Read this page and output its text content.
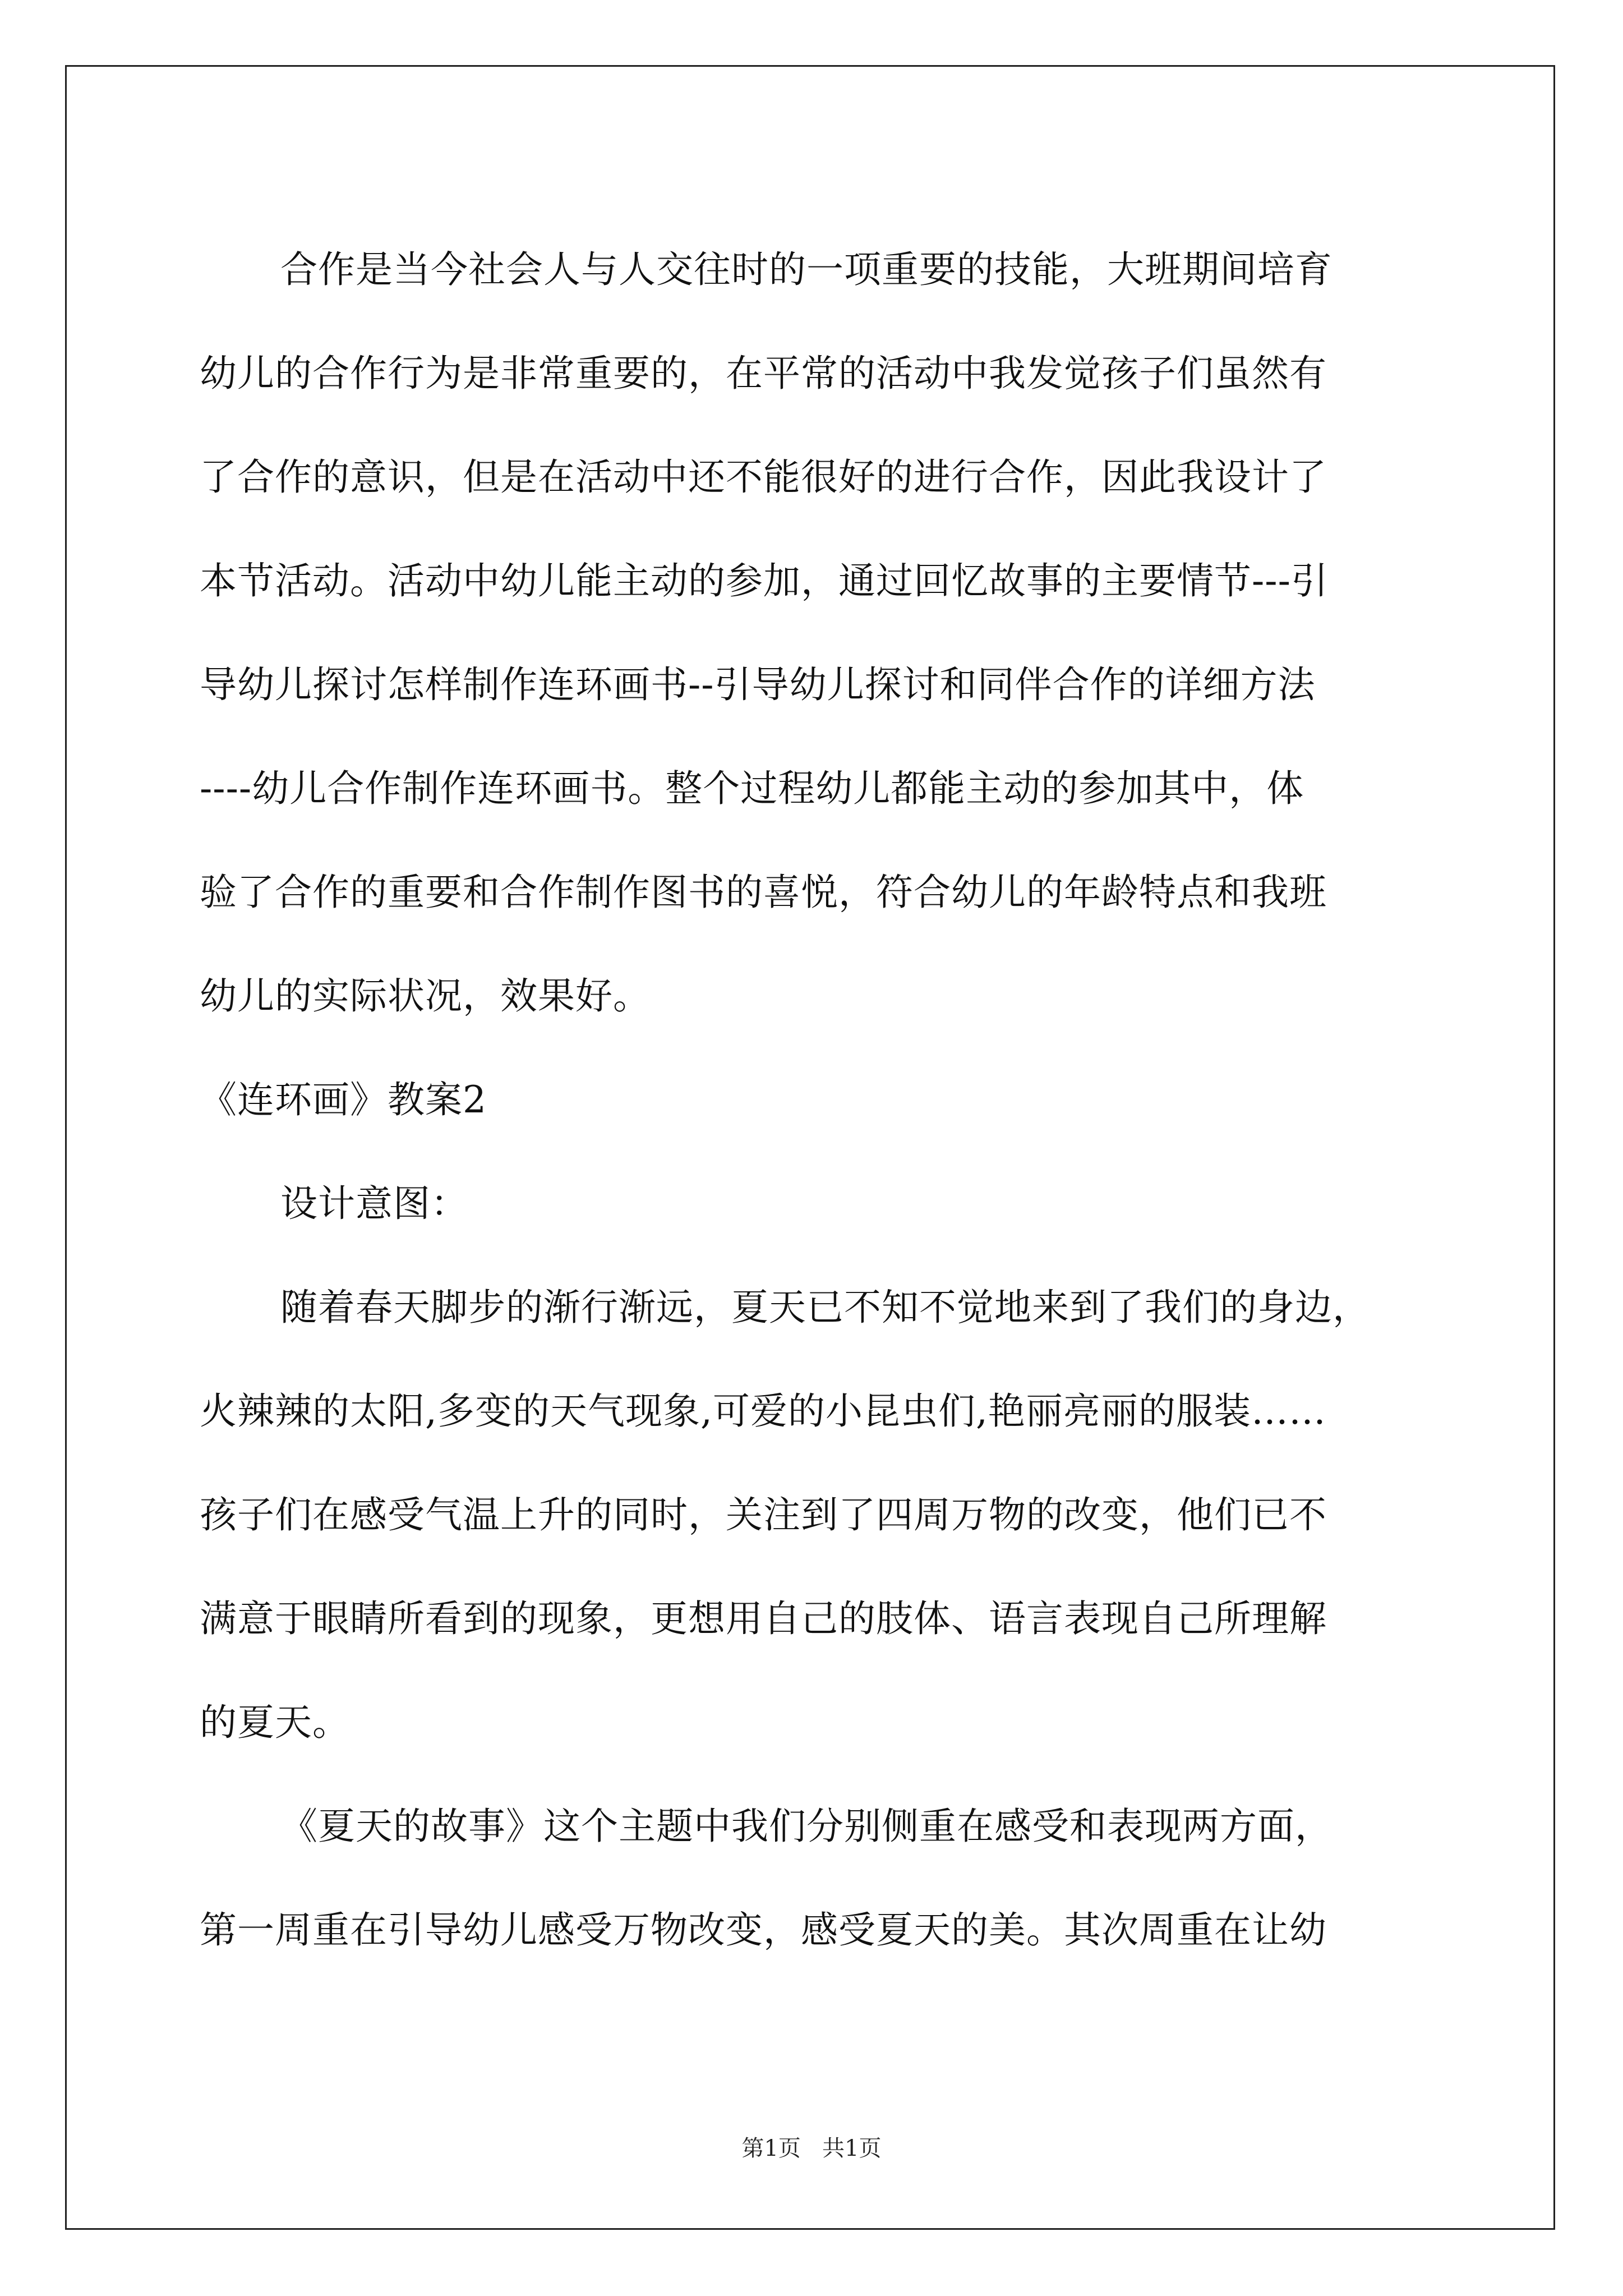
合作是当今社会人与人交往时的一项重要的技能，大班期间培育

幼儿的合作行为是非常重要的，在平常的活动中我发觉孩子们虽然有

了合作的意识，但是在活动中还不能很好的进行合作，因此我设计了

本节活动。活动中幼儿能主动的参加，通过回忆故事的主要情节---引

导幼儿探讨怎样制作连环画书--引导幼儿探讨和同伴合作的详细方法

----幼儿合作制作连环画书。整个过程幼儿都能主动的参加其中，体

验了合作的重要和合作制作图书的喜悦，符合幼儿的年龄特点和我班

幼儿的实际状况，效果好。

《连环画》教案2

设计意图：

随着春天脚步的渐行渐远，夏天已不知不觉地来到了我们的身边，

火辣辣的太阳,多变的天气现象,可爱的小昆虫们,艳丽亮丽的服装……

孩子们在感受气温上升的同时，关注到了四周万物的改变，他们已不

满意于眼睛所看到的现象，更想用自己的肢体、语言表现自己所理解

的夏天。

《夏天的故事》这个主题中我们分别侧重在感受和表现两方面，

第一周重在引导幼儿感受万物改变，感受夏天的美。其次周重在让幼

第1页   共1页
